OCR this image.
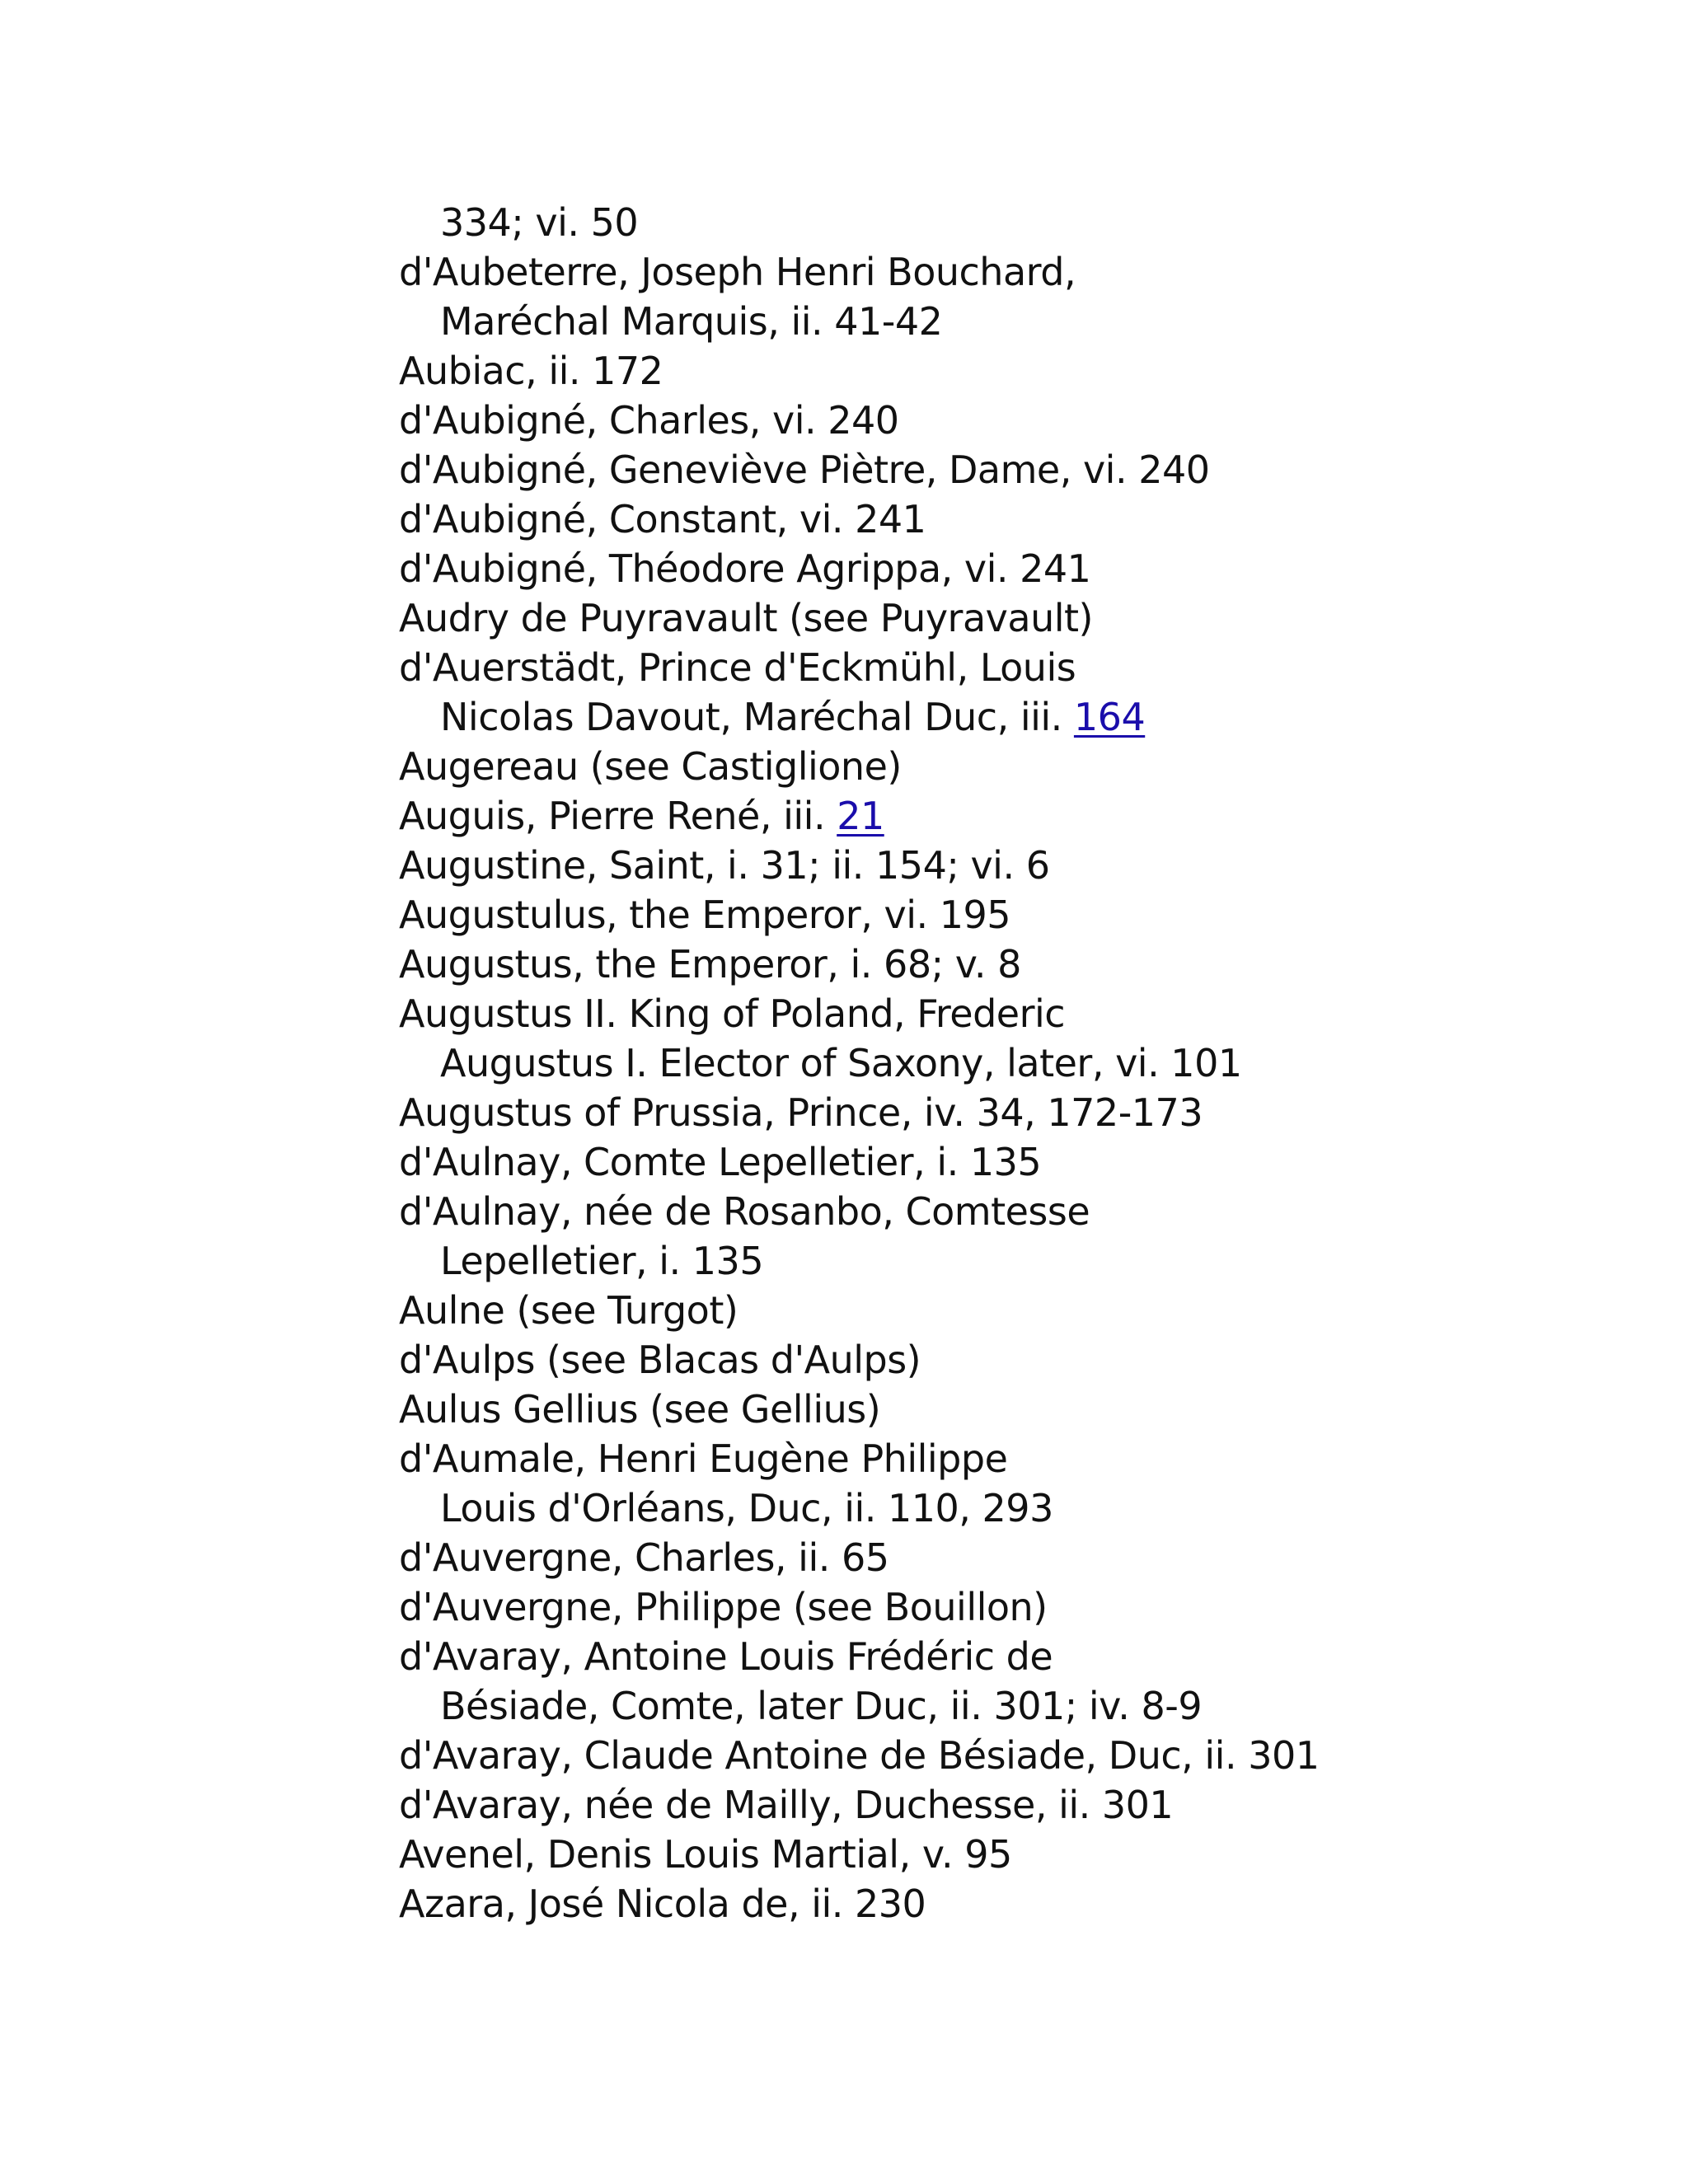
334; vi. 50
d'Aubeterre, Joseph Henri Bouchard,
Maréchal Marquis, ii. 41-42
Aubiac, ii. 172
d'Aubigné, Charles, vi. 240
d'Aubigné, Geneviève Piètre, Dame, vi. 240
d'Aubigné, Constant, vi. 241
d'Aubigné, Théodore Agrippa, vi. 241
Audry de Puyravault (see Puyravault)
d'Auerstädt, Prince d'Eckmühl, Louis
Nicolas Davout, Maréchal Duc, iii. 164
Augereau (see Castiglione)
Auguis, Pierre René, iii. 21
Augustine, Saint, i. 31; ii. 154; vi. 6
Augustulus, the Emperor, vi. 195
Augustus, the Emperor, i. 68; v. 8
Augustus II. King of Poland, Frederic
Augustus I. Elector of Saxony, later, vi. 101
Augustus of Prussia, Prince, iv. 34, 172-173
d'Aulnay, Comte Lepelletier, i. 135
d'Aulnay, née de Rosanbo, Comtesse
Lepelletier, i. 135
Aulne (see Turgot)
d'Aulps (see Blacas d'Aulps)
Aulus Gellius (see Gellius)
d'Aumale, Henri Eugène Philippe
Louis d'Orléans, Duc, ii. 110, 293
d'Auvergne, Charles, ii. 65
d'Auvergne, Philippe (see Bouillon)
d'Avaray, Antoine Louis Frédéric de
Bésiade, Comte, later Duc, ii. 301; iv. 8-9
d'Avaray, Claude Antoine de Bésiade, Duc, ii. 301
d'Avaray, née de Mailly, Duchesse, ii. 301
Avenel, Denis Louis Martial, v. 95
Azara, José Nicola de, ii. 230
